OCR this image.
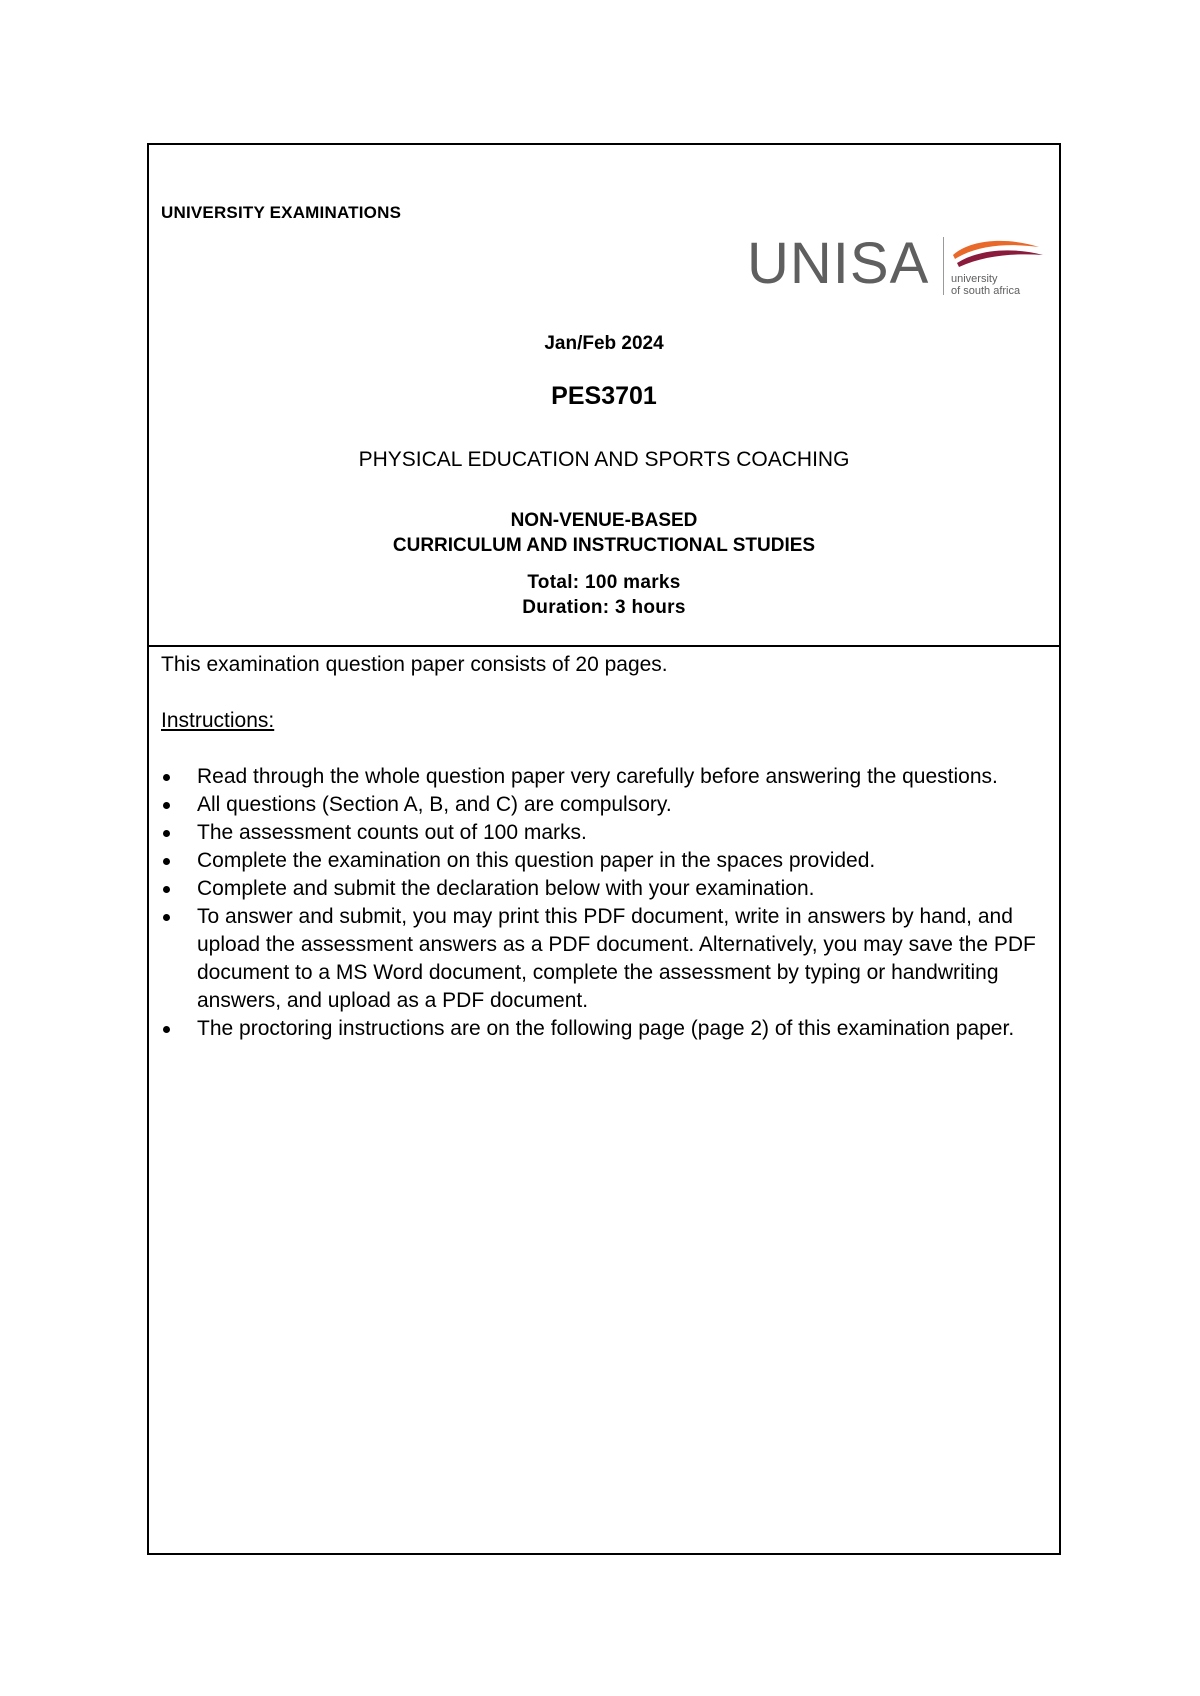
UNIVERSITY EXAMINATIONS
UNISA university
of south africa
Jan/Feb 2024
PES3701
PHYSICAL EDUCATION AND SPORTS COACHING
NON-VENUE-BASED
CURRICULUM AND INSTRUCTIONAL STUDIES
Total: 100 marks
Duration: 3 hours

This examination question paper consists of 20 pages.

Instructions:

Read through the whole question paper very carefully before answering the questions.
All questions (Section A, B, and C) are compulsory.
The assessment counts out of 100 marks.
Complete the examination on this question paper in the spaces provided.
Complete and submit the declaration below with your examination.
To answer and submit, you may print this PDF document, write in answers by hand, and upload the assessment answers as a PDF document. Alternatively, you may save the PDF document to a MS Word document, complete the assessment by typing or handwriting answers, and upload as a PDF document.
The proctoring instructions are on the following page (page 2) of this examination paper.
